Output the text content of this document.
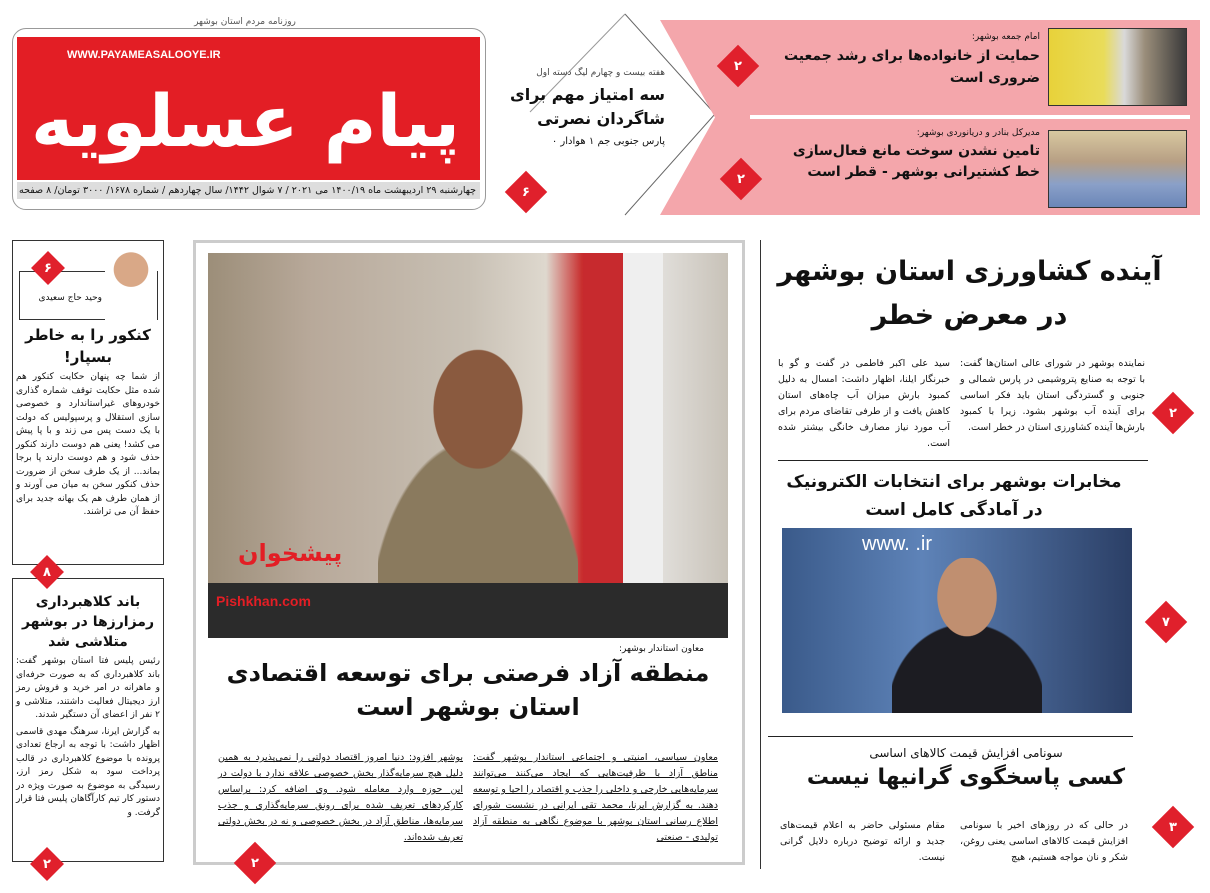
روزنامه مردم استان بوشهر
WWW.PAYAMEASALOOYE.IR
پیام عسلویه
چهارشنبه ۲۹ اردیبهشت ماه ۱۴۰۰/۱۹ می ۲۰۲۱ / ۷ شوال ۱۴۴۲/ سال چهاردهم / شماره ۱۶۷۸/ ۳۰۰۰ تومان/ ۸ صفحه
هفته بیست و چهارم لیگ دسته اول
سه امتیاز مهم برای شاگردان نصرتی
پارس جنوبی جم ۱ هوادار ۰
۶
امام جمعه بوشهر:
حمایت از خانواده‌ها برای رشد جمعیت ضروری است
۲
مدیرکل بنادر و دریانوردی بوشهر:
تامین نشدن سوخت مانع فعال‌سازی خط کشتیرانی بوشهر - قطر است
۲
وحید حاج سعیدی
۶
کنکور را به خاطر بسپار!
از شما چه پنهان حکایت کنکور هم شده مثل حکایت توقف شماره گذاری خودروهای غیراستاندارد و خصوصی سازی استقلال و پرسپولیس که دولت با یک دست پس می زند و با پا پیش می کشد! یعنی هم دوست دارند کنکور حذف شود و هم دوست دارند پا برجا بماند... از یک طرف سخن از ضرورت حذف کنکور سخن به میان می آورند و از همان طرف هم یک بهانه جدید برای حفظ آن می تراشند.
۸
باند کلاهبرداری رمزارزها در بوشهر متلاشی شد
رئیس پلیس فتا استان بوشهر گفت: باند کلاهبرداری که به صورت حرفه‌ای و ماهرانه در امر خرید و فروش رمز ارز دیجیتال فعالیت داشتند، متلاشی و ۲ نفر از اعضای آن دستگیر شدند.
به گزارش ایرنا، سرهنگ مهدی قاسمی اظهار داشت: با توجه به ارجاع تعدادی پرونده با موضوع کلاهبرداری در قالب پرداخت سود به شکل رمز ارز، رسیدگی به موضوع به صورت ویژه در دستور کار تیم کارآگاهان پلیس فتا قرار گرفت. و
۲
پیشخوان
Pishkhan.com
معاون استاندار بوشهر:
منطقه آزاد فرصتی برای توسعه اقتصادی استان بوشهر است
معاون سیاسی، امنیتی و اجتماعی استاندار بوشهر گفت: مناطق آزاد با ظرفیت‌هایی که ایجاد می‌کنند می‌توانند سرمایه‌هایی خارجی و داخلی را جذب و اقتصاد را احیا و توسعه دهند. به گزارش ایرنا، محمد تقی ایرانی در نشست شورای اطلاع رسانی استان بوشهر با موضوع نگاهی به منطقه آزاد تولیدی - صنعتی
بوشهر افزود: دنیا امروز اقتصاد دولتی را نمی‌پذیرد به همین دلیل هیچ سرمایه‌گذار بخش خصوصی علاقه ندارد با دولت در این حوزه وارد معامله شود. وی اضافه کرد: براساس کارکردهای تعریف شده برای رونق سرمایه‌گذاری و جذب سرمایه‌ها، مناطق آزاد در بخش خصوصی و نه در بخش دولتی تعریف شده‌اند.
۲
آینده کشاورزی استان بوشهر در معرض خطر
نماینده بوشهر در شورای عالی استان‌ها گفت: با توجه به صنایع پتروشیمی در پارس شمالی و جنوبی و گستردگی استان باید فکر اساسی برای آینده آب بوشهر بشود. زیرا با کمبود بارش‌ها آینده کشاورزی استان در خطر است.
سید علی اکبر فاطمی در گفت و گو با خبرنگار ایلنا، اظهار داشت: امسال به دلیل کمبود بارش میزان آب چاه‌های استان کاهش یافت و از طرفی تقاضای مردم برای آب مورد نیاز مصارف خانگی بیشتر شده است.
۲
مخابرات بوشهر برای انتخابات الکترونیک در آمادگی کامل است
www. .ir
۷
سونامی افزایش قیمت کالاهای اساسی
کسی پاسخگوی گرانیها نیست
در حالی که در روزهای اخیر با سونامی افزایش قیمت کالاهای اساسی یعنی روغن، شکر و نان مواجه هستیم، هیچ
مقام مسئولی حاضر به اعلام قیمت‌های جدید و ارائه توضیح درباره دلایل گرانی نیست.
۳
